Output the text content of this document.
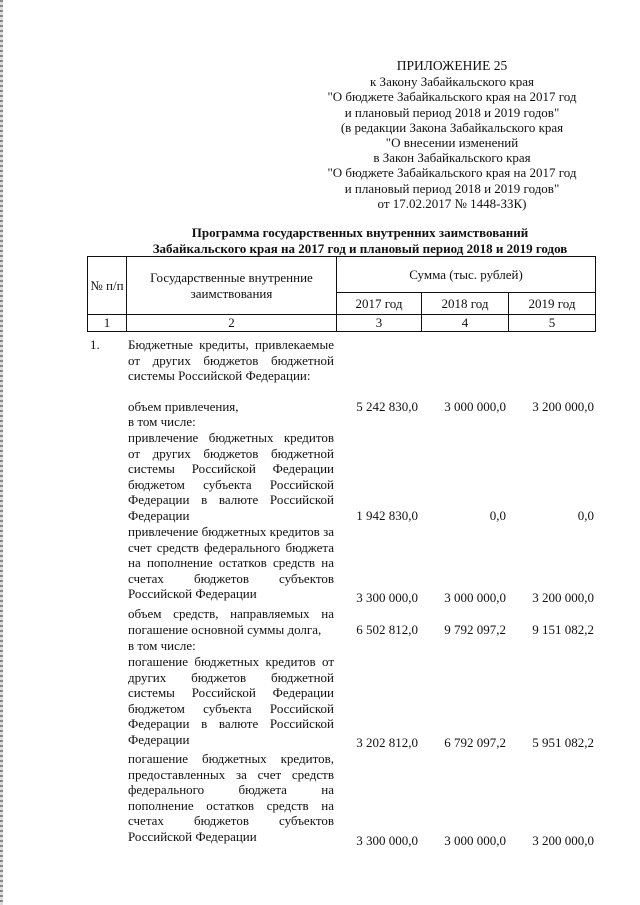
ПРИЛОЖЕНИЕ 25
к Закону Забайкальского края
"О бюджете Забайкальского края на 2017 год
и плановый период 2018 и 2019 годов"
(в редакции Закона Забайкальского края
"О внесении изменений
в Закон Забайкальского края
"О бюджете Забайкальского края на 2017 год
и плановый период 2018 и 2019 годов"
от 17.02.2017 № 1448-ЗЗК)
Программа государственных внутренних заимствований
Забайкальского края на 2017 год и плановый период 2018 и 2019 годов
№ п/п	Государственные внутренние заимствования	Сумма (тыс. рублей)		
		2017 год	2018 год	2019 год
1	2	3	4	5
1. Бюджетные кредиты, привлекаемые от других бюджетов бюджетной системы Российской Федерации:
объем привлечения,	5 242 830,0	3 000 000,0	3 200 000,0
в том числе:
привлечение бюджетных кредитов от других бюджетов бюджетной системы Российской Федерации бюджетом субъекта Российской Федерации в валюте Российской Федерации	1 942 830,0	0,0	0,0
привлечение бюджетных кредитов за счет средств федерального бюджета на пополнение остатков средств на счетах бюджетов субъектов Российской Федерации	3 300 000,0	3 000 000,0	3 200 000,0
объем средств, направляемых на погашение основной суммы долга,	6 502 812,0	9 792 097,2	9 151 082,2
в том числе:
погашение бюджетных кредитов от других бюджетов бюджетной системы Российской Федерации бюджетом субъекта Российской Федерации в валюте Российской Федерации	3 202 812,0	6 792 097,2	5 951 082,2
погашение бюджетных кредитов, предоставленных за счет средств федерального бюджета на пополнение остатков средств на счетах бюджетов субъектов Российской Федерации	3 300 000,0	3 000 000,0	3 200 000,0
